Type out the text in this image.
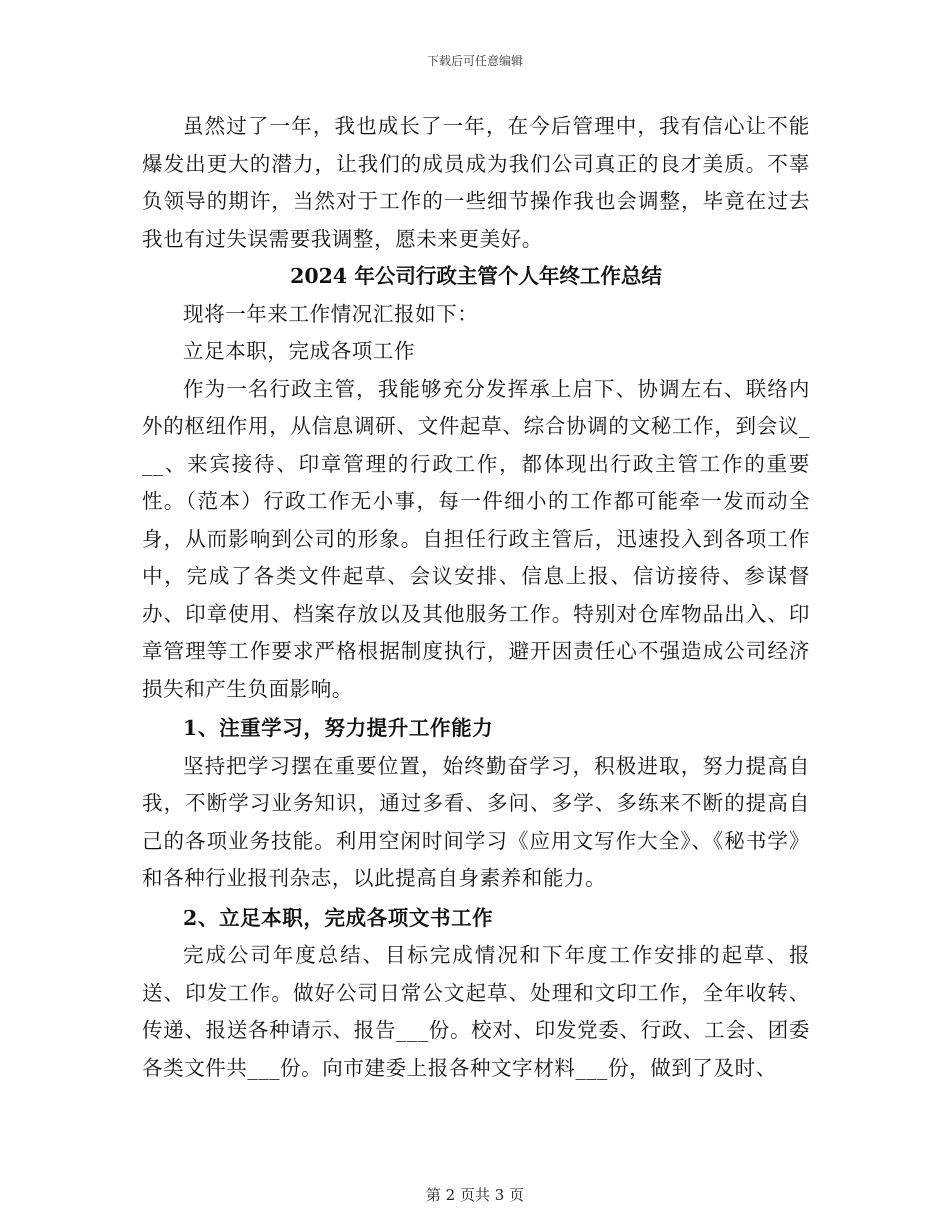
下载后可任意编辑

虽然过了一年，我也成长了一年，在今后管理中，我有信心让不能爆发出更大的潜力，让我们的成员成为我们公司真正的良才美质。不辜负领导的期许，当然对于工作的一些细节操作我也会调整，毕竟在过去我也有过失误需要我调整，愿未来更美好。

2024 年公司行政主管个人年终工作总结

现将一年来工作情况汇报如下：

立足本职，完成各项工作

作为一名行政主管，我能够充分发挥承上启下、协调左右、联络内外的枢纽作用，从信息调研、文件起草、综合协调的文秘工作，到会议___、来宾接待、印章管理的行政工作，都体现出行政主管工作的重要性。（范本）行政工作无小事，每一件细小的工作都可能牵一发而动全身，从而影响到公司的形象。自担任行政主管后，迅速投入到各项工作中，完成了各类文件起草、会议安排、信息上报、信访接待、参谋督办、印章使用、档案存放以及其他服务工作。特别对仓库物品出入、印章管理等工作要求严格根据制度执行，避开因责任心不强造成公司经济损失和产生负面影响。

1、注重学习，努力提升工作能力

坚持把学习摆在重要位置，始终勤奋学习，积极进取，努力提高自我，不断学习业务知识，通过多看、多问、多学、多练来不断的提高自己的各项业务技能。利用空闲时间学习《应用文写作大全》、《秘书学》和各种行业报刊杂志，以此提高自身素养和能力。

2、立足本职，完成各项文书工作

完成公司年度总结、目标完成情况和下年度工作安排的起草、报送、印发工作。做好公司日常公文起草、处理和文印工作，全年收转、传递、报送各种请示、报告___份。校对、印发党委、行政、工会、团委各类文件共___份。向市建委上报各种文字材料___份，做到了及时、

第 2 页共 3 页
